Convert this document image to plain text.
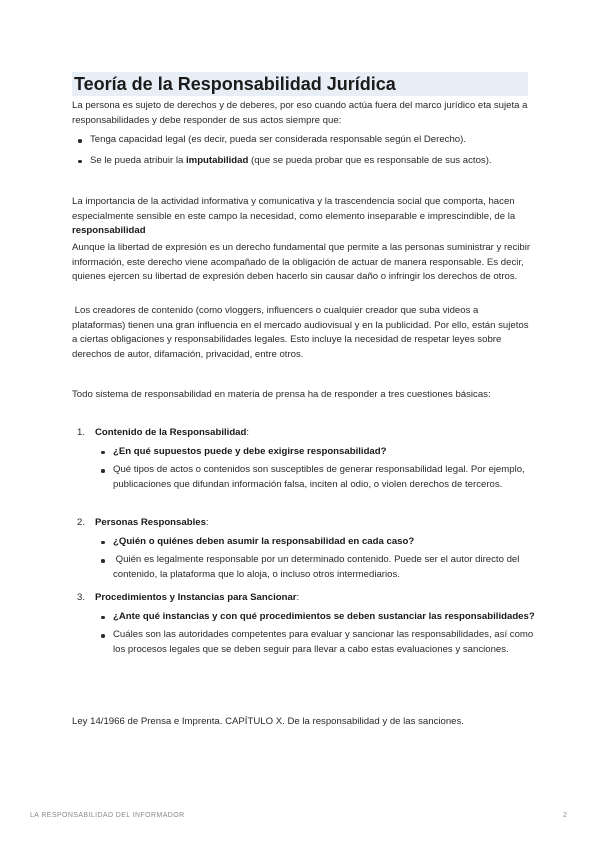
Teoría de la Responsabilidad Jurídica

La persona es sujeto de derechos y de deberes, por eso cuando actúa fuera del marco jurídico eta sujeta a responsabilidades y debe responder de sus actos siempre que:

Tenga capacidad legal (es decir, pueda ser considerada responsable según el Derecho).
Se le pueda atribuir la imputabilidad (que se pueda probar que es responsable de sus actos).

La importancia de la actividad informativa y comunicativa y la trascendencia social que comporta, hacen especialmente sensible en este campo la necesidad, como elemento inseparable e imprescindible, de la responsabilidad

Aunque la libertad de expresión es un derecho fundamental que permite a las personas suministrar y recibir información, este derecho viene acompañado de la obligación de actuar de manera responsable. Es decir, quienes ejercen su libertad de expresión deben hacerlo sin causar daño o infringir los derechos de otros.

Los creadores de contenido (como vloggers, influencers o cualquier creador que suba videos a plataformas) tienen una gran influencia en el mercado audiovisual y en la publicidad. Por ello, están sujetos a ciertas obligaciones y responsabilidades legales. Esto incluye la necesidad de respetar leyes sobre derechos de autor, difamación, privacidad, entre otros.

Todo sistema de responsabilidad en materia de prensa ha de responder a tres cuestiones básicas:

1.	Contenido de la Responsabilidad:
¿En qué supuestos puede y debe exigirse responsabilidad?
Qué tipos de actos o contenidos son susceptibles de generar responsabilidad legal. Por ejemplo, publicaciones que difundan información falsa, inciten al odio, o violen derechos de terceros.
2.	Personas Responsables:
¿Quién o quiénes deben asumir la responsabilidad en cada caso?
Quién es legalmente responsable por un determinado contenido. Puede ser el autor directo del contenido, la plataforma que lo aloja, o incluso otros intermediarios.
3.	Procedimientos y Instancias para Sancionar:
¿Ante qué instancias y con qué procedimientos se deben sustanciar las responsabilidades?
Cuáles son las autoridades competentes para evaluar y sancionar las responsabilidades, así como los procesos legales que se deben seguir para llevar a cabo estas evaluaciones y sanciones.

Ley 14/1966 de Prensa e Imprenta. CAPÍTULO X. De la responsabilidad y de las sanciones.

LA RESPONSABILIDAD DEL INFORMADOR	2
